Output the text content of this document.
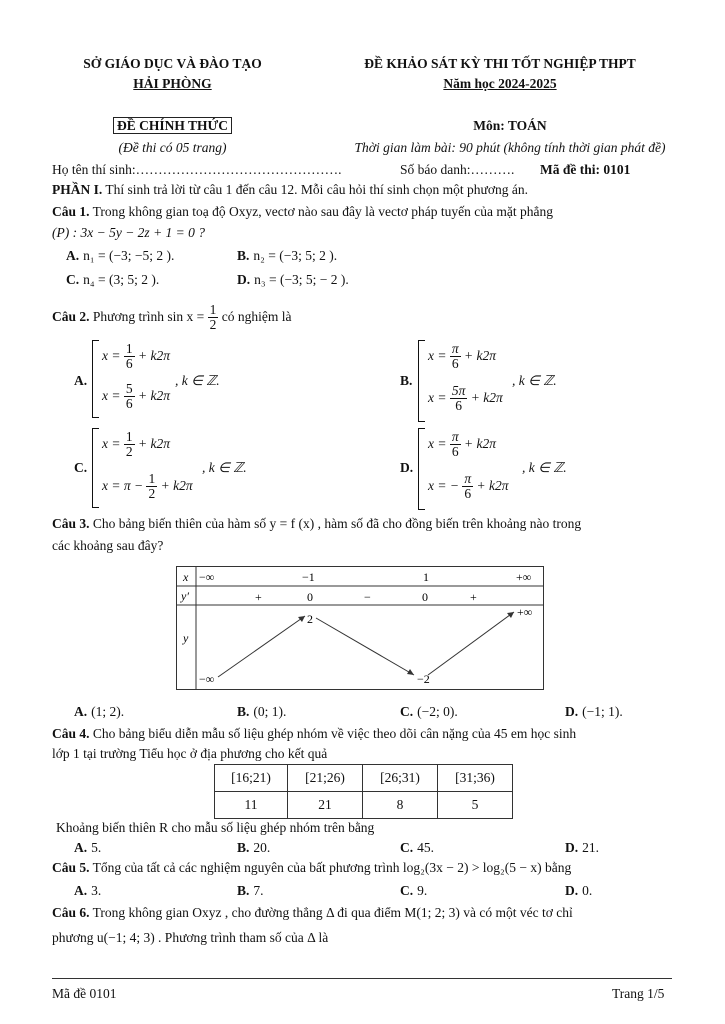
SỞ GIÁO DỤC VÀ ĐÀO TẠO
HẢI PHÒNG
ĐỀ KHẢO SÁT KỲ THI TỐT NGHIỆP THPT
Năm học 2024-2025
ĐỀ CHÍNH THỨC
(Đề thi có 05 trang)
Môn: TOÁN
Thời gian làm bài: 90 phút (không tính thời gian phát đề)
Họ tên thí sinh:……………………………………….	Số báo danh:………. Mã đề thi: 0101
PHẦN I. Thí sinh trả lời từ câu 1 đến câu 12. Mỗi câu hỏi thí sinh chọn một phương án.
Câu 1. Trong không gian toạ độ Oxyz, vectơ nào sau đây là vectơ pháp tuyến của mặt phẳng
(P) : 3x − 5y − 2z + 1 = 0 ?
A. n₁ = (−3; −5; 2 ).	B. n₂ = (−3; 5; 2 ).
C. n₄ = (3; 5; 2 ).	D. n₃ = (−3; 5; − 2 ).
Câu 2. Phương trình $\sin x = \frac{1}{2}$ có nghiệm là
A.
$x = \frac{1}{6} + k2\pi$
$x = \frac{5}{6} + k2\pi$
, k ∈ ℤ.	B.
$x = \frac{\pi}{6} + k2\pi$
$x = \frac{5\pi}{6} + k2\pi$
, k ∈ ℤ.
C.
$x = \frac{1}{2} + k2\pi$
$x = \pi - \frac{1}{2} + k2\pi$
, k ∈ ℤ.	D.
$x = \frac{\pi}{6} + k2\pi$
x = − $\frac{\pi}{6} + k2\pi$
, k ∈ ℤ.
Câu 3. Cho bảng biến thiên của hàm số y = f (x) , hàm số đã cho đồng biến trên khoảng nào trong
các khoảng sau đây?
x
y′
y
−∞	−1	1	+∞
+	0	−	0	+
−∞
2
−2
+∞
A. (1; 2).	B. (0; 1).	C. (−2; 0).	D. (−1; 1).
Câu 4. Cho bảng biểu diễn mẫu số liệu ghép nhóm về việc theo dõi cân nặng của 45 em học sinh
lớp 1 tại trường Tiểu học ở địa phương cho kết quả
[16;21)	[21;26)	[26;31)	[31;36)
11	21	8	5
Khoảng biến thiên R cho mẫu số liệu ghép nhóm trên bằng
A. 5.	B. 20.	C. 45.	D. 21.
Câu 5. Tổng của tất cả các nghiệm nguyên của bất phương trình log₂(3x − 2) > log₂(5 − x) bằng
A. 3.	B. 7.	C. 9.	D. 0.
Câu 6. Trong không gian Oxyz , cho đường thẳng Δ đi qua điểm M(1; 2; 3) và có một véc tơ chỉ
phương u(−1; 4; 3) . Phương trình tham số của Δ là
Mã đề 0101	Trang 1/5
